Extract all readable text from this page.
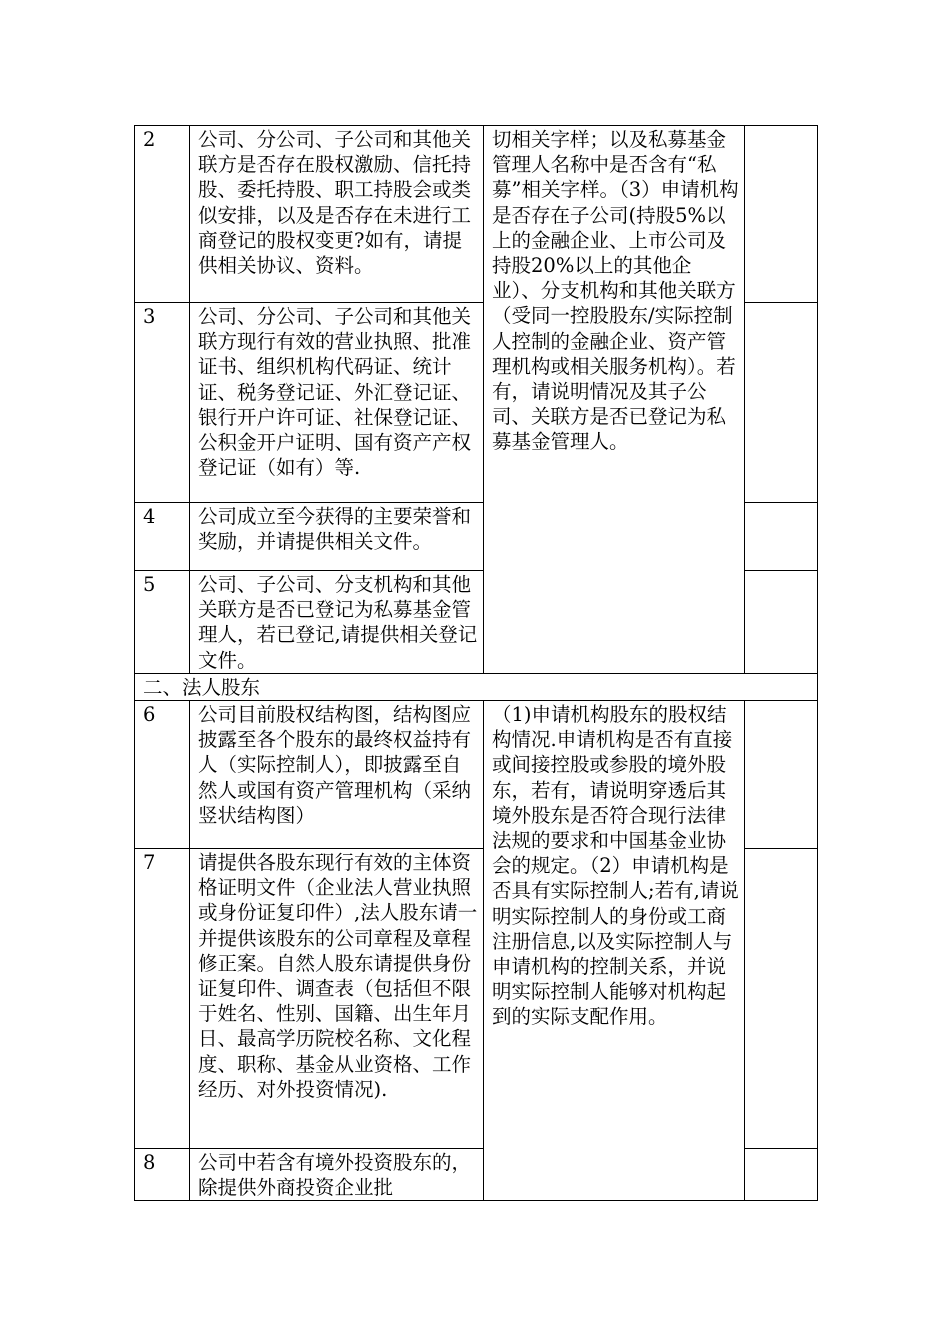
2	公司、分公司、子公司和其他关联方是否存在股权激励、信托持股、委托持股、职工持股会或类似安排，以及是否存在未进行工商登记的股权变更?如有，请提供相关协议、资料。	切相关字样；以及私募基金管理人名称中是否含有“私募”相关字样。（3）申请机构是否存在子公司(持股5%以上的金融企业、上市公司及持股20%以上的其他企业）、分支机构和其他关联方（受同一控股股东/实际控制人控制的金融企业、资产管理机构或相关服务机构）。若有，请说明情况及其子公司、关联方是否已登记为私募基金管理人。	
3	公司、分公司、子公司和其他关联方现行有效的营业执照、批准证书、组织机构代码证、统计证、税务登记证、外汇登记证、银行开户许可证、社保登记证、公积金开户证明、国有资产产权登记证（如有）等.		
4	公司成立至今获得的主要荣誉和奖励，并请提供相关文件。		
5	公司、子公司、分支机构和其他关联方是否已登记为私募基金管理人，若已登记,请提供相关登记文件。		
二、法人股东			
6	公司目前股权结构图，结构图应披露至各个股东的最终权益持有人（实际控制人），即披露至自然人或国有资产管理机构（采纳竖状结构图）	（1)申请机构股东的股权结构情况.申请机构是否有直接或间接控股或参股的境外股东，若有，请说明穿透后其境外股东是否符合现行法律法规的要求和中国基金业协会的规定。（2）申请机构是否具有实际控制人;若有,请说明实际控制人的身份或工商注册信息,以及实际控制人与申请机构的控制关系，并说明实际控制人能够对机构起到的实际支配作用。	
7	请提供各股东现行有效的主体资格证明文件（企业法人营业执照或身份证复印件）,法人股东请一并提供该股东的公司章程及章程修正案。自然人股东请提供身份证复印件、调查表（包括但不限于姓名、性别、国籍、出生年月日、最高学历院校名称、文化程度、职称、基金从业资格、工作经历、对外投资情况).		
8	公司中若含有境外投资股东的，除提供外商投资企业批		
